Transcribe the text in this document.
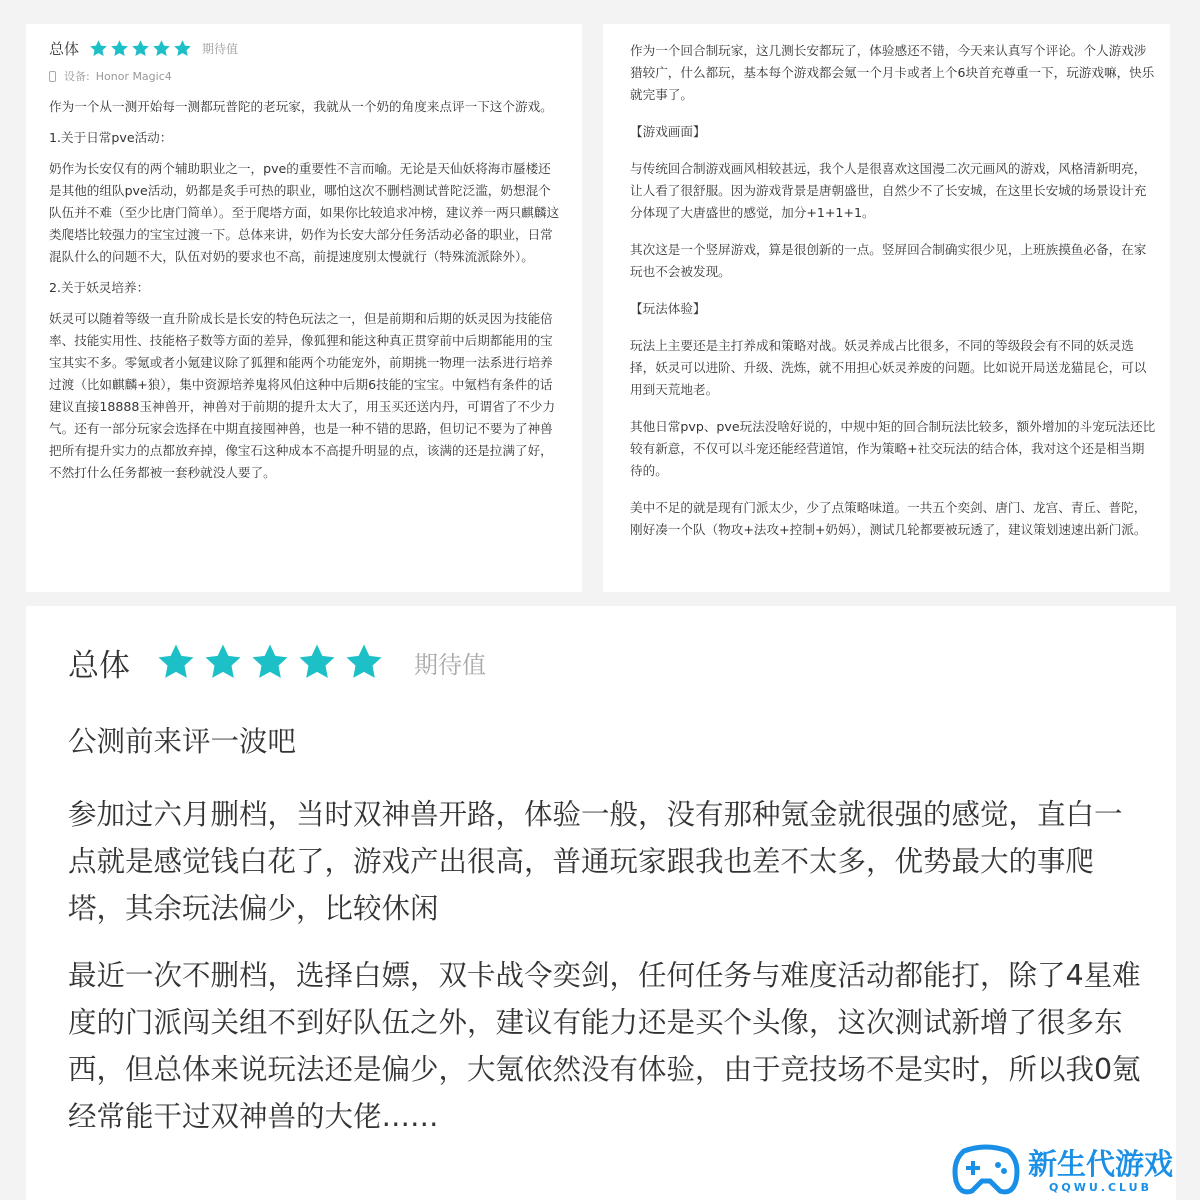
总体	期待值
设备: Honor Magic4

作为一个从一测开始每一测都玩普陀的老玩家，我就从一个奶的角度来点评一下这个游戏。

1.关于日常pve活动：

奶作为长安仅有的两个辅助职业之一，pve的重要性不言而喻。无论是天仙妖将海市蜃楼还是其他的组队pve活动，奶都是炙手可热的职业，哪怕这次不删档测试普陀泛滥，奶想混个队伍并不难（至少比唐门简单）。至于爬塔方面，如果你比较追求冲榜，建议养一两只麒麟这类爬塔比较强力的宝宝过渡一下。总体来讲，奶作为长安大部分任务活动必备的职业，日常混队什么的问题不大，队伍对奶的要求也不高，前提速度别太慢就行（特殊流派除外）。

2.关于妖灵培养：

妖灵可以随着等级一直升阶成长是长安的特色玩法之一，但是前期和后期的妖灵因为技能倍率、技能实用性、技能格子数等方面的差异，像狐狸和能这种真正贯穿前中后期都能用的宝宝其实不多。零氪或者小氪建议除了狐狸和能两个功能宠外，前期挑一物理一法系进行培养过渡（比如麒麟+狼），集中资源培养鬼将风伯这种中后期6技能的宝宝。中氪档有条件的话建议直接18888玉神兽开，神兽对于前期的提升太大了，用玉买还送内丹，可谓省了不少力气。还有一部分玩家会选择在中期直接囤神兽，也是一种不错的思路，但切记不要为了神兽把所有提升实力的点都放弃掉，像宝石这种成本不高提升明显的点，该满的还是拉满了好，不然打什么任务都被一套秒就没人要了。

作为一个回合制玩家，这几测长安都玩了，体验感还不错，今天来认真写个评论。个人游戏涉猎较广，什么都玩，基本每个游戏都会氪一个月卡或者上个6块首充尊重一下，玩游戏嘛，快乐就完事了。

【游戏画面】

与传统回合制游戏画风相较甚远，我个人是很喜欢这国漫二次元画风的游戏，风格清新明亮，让人看了很舒服。因为游戏背景是唐朝盛世，自然少不了长安城，在这里长安城的场景设计充分体现了大唐盛世的感觉，加分+1+1+1。

其次这是一个竖屏游戏，算是很创新的一点。竖屏回合制确实很少见，上班族摸鱼必备，在家玩也不会被发现。

【玩法体验】

玩法上主要还是主打养成和策略对战。妖灵养成占比很多，不同的等级段会有不同的妖灵选择，妖灵可以进阶、升级、洗炼，就不用担心妖灵养废的问题。比如说开局送龙猫昆仑，可以用到天荒地老。

其他日常pvp、pve玩法没啥好说的，中规中矩的回合制玩法比较多，额外增加的斗宠玩法还比较有新意，不仅可以斗宠还能经营道馆，作为策略+社交玩法的结合体，我对这个还是相当期待的。

美中不足的就是现有门派太少，少了点策略味道。一共五个奕剑、唐门、龙宫、青丘、普陀，刚好凑一个队（物攻+法攻+控制+奶妈），测试几轮都要被玩透了，建议策划速速出新门派。

总体	期待值

公测前来评一波吧

参加过六月删档，当时双神兽开路，体验一般，没有那种氪金就很强的感觉，直白一点就是感觉钱白花了，游戏产出很高，普通玩家跟我也差不太多，优势最大的事爬塔，其余玩法偏少，比较休闲

最近一次不删档，选择白嫖，双卡战令奕剑，任何任务与难度活动都能打，除了4星难度的门派闯关组不到好队伍之外，建议有能力还是买个头像，这次测试新增了很多东西，但总体来说玩法还是偏少，大氪依然没有体验，由于竞技场不是实时，所以我0氪经常能干过双神兽的大佬……

新生代游戏
QQWU.CLUB
